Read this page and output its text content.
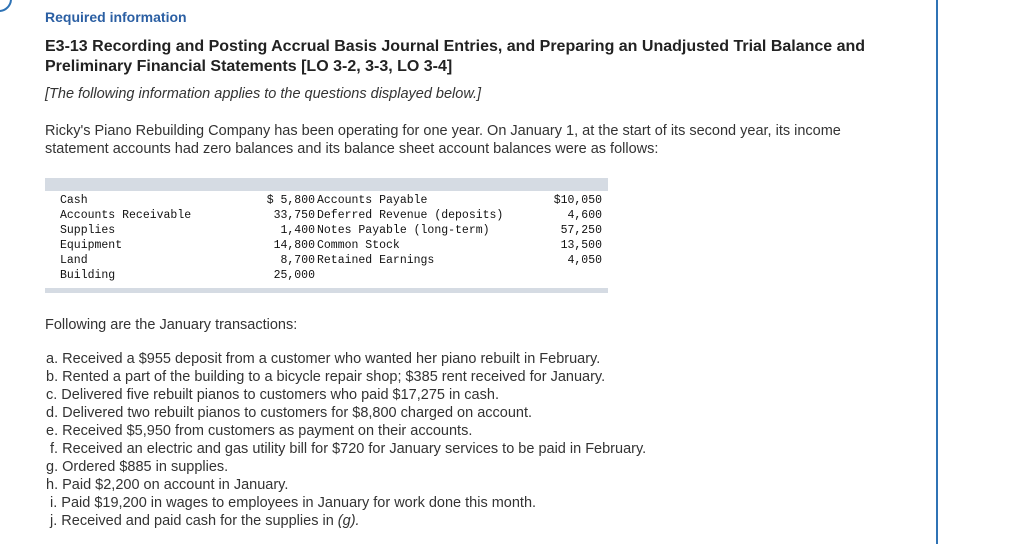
Required information
E3-13 Recording and Posting Accrual Basis Journal Entries, and Preparing an Unadjusted Trial Balance and Preliminary Financial Statements [LO 3-2, 3-3, LO 3-4]
[The following information applies to the questions displayed below.]
Ricky's Piano Rebuilding Company has been operating for one year. On January 1, at the start of its second year, its income statement accounts had zero balances and its balance sheet account balances were as follows:
Cash	$ 5,800 Accounts Payable	$10,050
Accounts Receivable	33,750 Deferred Revenue (deposits)	4,600
Supplies	1,400 Notes Payable (long-term)	57,250
Equipment	14,800 Common Stock	13,500
Land	8,700 Retained Earnings	4,050
Building	25,000
Following are the January transactions:
a. Received a $955 deposit from a customer who wanted her piano rebuilt in February.
b. Rented a part of the building to a bicycle repair shop; $385 rent received for January.
c. Delivered five rebuilt pianos to customers who paid $17,275 in cash.
d. Delivered two rebuilt pianos to customers for $8,800 charged on account.
e. Received $5,950 from customers as payment on their accounts.
f. Received an electric and gas utility bill for $720 for January services to be paid in February.
g. Ordered $885 in supplies.
h. Paid $2,200 on account in January.
i. Paid $19,200 in wages to employees in January for work done this month.
j. Received and paid cash for the supplies in (g).
